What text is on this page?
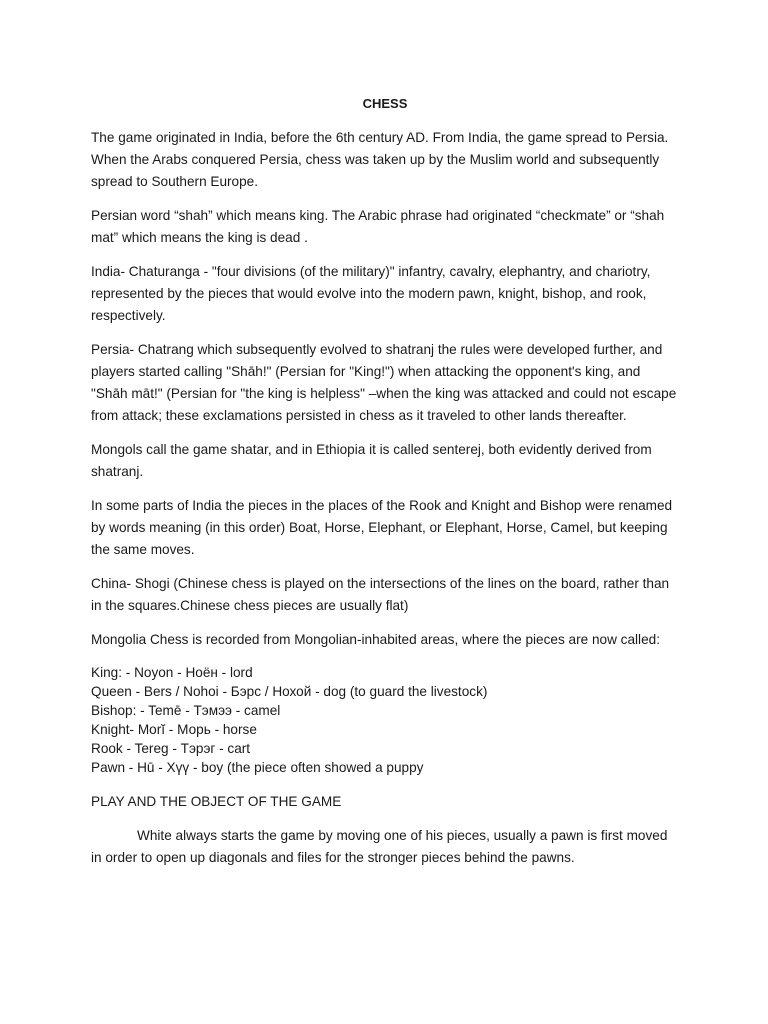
CHESS

The game originated in India, before the 6th century AD. From India, the game spread to Persia. When the Arabs conquered Persia, chess was taken up by the Muslim world and subsequently spread to Southern Europe.

Persian word “shah” which means king. The Arabic phrase had originated “checkmate” or “shah mat” which means the king is dead .

India- Chaturanga - "four divisions (of the military)" infantry, cavalry, elephantry, and chariotry, represented by the pieces that would evolve into the modern pawn, knight, bishop, and rook, respectively.

Persia- Chatrang which subsequently evolved to shatranj the rules were developed further, and players started calling "Shāh!" (Persian for "King!") when attacking the opponent's king, and "Shāh māt!" (Persian for "the king is helpless" –when the king was attacked and could not escape from attack; these exclamations persisted in chess as it traveled to other lands thereafter.

Mongols call the game shatar, and in Ethiopia it is called senterej, both evidently derived from shatranj.

In some parts of India the pieces in the places of the Rook and Knight and Bishop were renamed by words meaning (in this order) Boat, Horse, Elephant, or Elephant, Horse, Camel, but keeping the same moves.

China- Shogi (Chinese chess is played on the intersections of the lines on the board, rather than in the squares.Chinese chess pieces are usually flat)

Mongolia Chess is recorded from Mongolian-inhabited areas, where the pieces are now called:

King: - Noyon - Ноён - lord
Queen - Bers / Nohoi - Бэрс / Нохой - dog (to guard the livestock)
Bishop: - Temē - Тэмээ - camel
Knight- Morĭ - Морь - horse
Rook - Tereg - Тэрэг - cart
Pawn - Hū - Хүү - boy (the piece often showed a puppy

PLAY AND THE OBJECT OF THE GAME

White always starts the game by moving one of his pieces, usually a pawn is first moved in order to open up diagonals and files for the stronger pieces behind the pawns.
